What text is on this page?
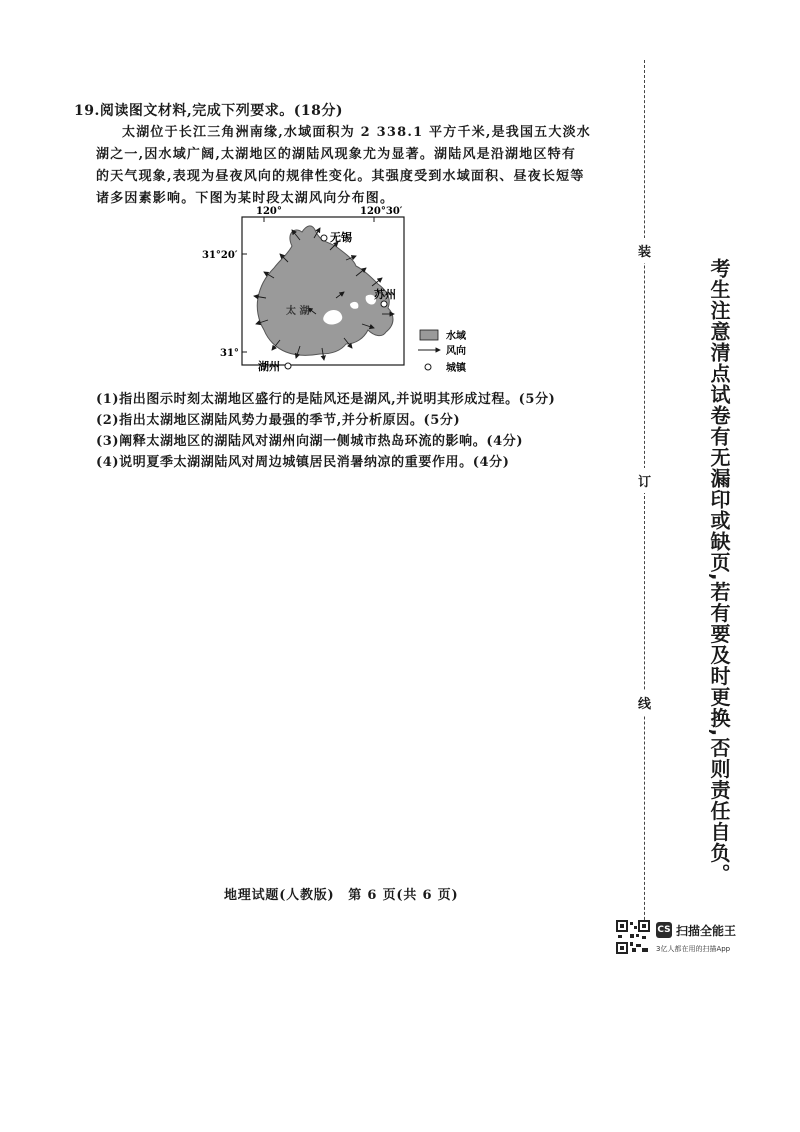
19.阅读图文材料,完成下列要求。(18分)
太湖位于长江三角洲南缘,水域面积为 2 338.1 平方千米,是我国五大淡水
湖之一,因水域广阔,太湖地区的湖陆风现象尤为显著。湖陆风是沿湖地区特有
的天气现象,表现为昼夜风向的规律性变化。其强度受到水域面积、昼夜长短等
诸多因素影响。下图为某时段太湖风向分布图。
120°	120°30′
31°20′
31°
无锡
苏州
湖州
太 湖
水域
风向
城镇
(1)指出图示时刻太湖地区盛行的是陆风还是湖风,并说明其形成过程。(5分)
(2)指出太湖地区湖陆风势力最强的季节,并分析原因。(5分)
(3)阐释太湖地区的湖陆风对湖州向湖一侧城市热岛环流的影响。(4分)
(4)说明夏季太湖湖陆风对周边城镇居民消暑纳凉的重要作用。(4分)
地理试题(人教版)　第 6 页(共 6 页)
装
订
线	考生注意清点试卷有无漏印或缺页,若有要及时更换,否则责任自负。
CS 扫描全能王
3亿人都在用的扫描App
